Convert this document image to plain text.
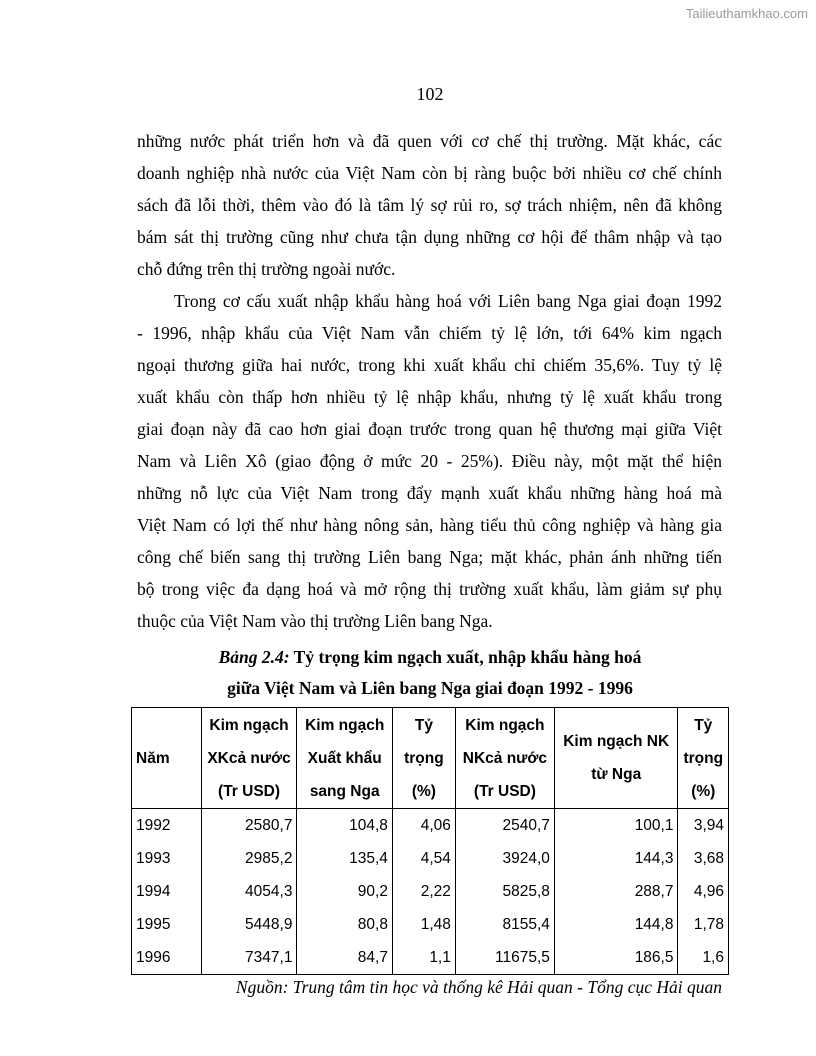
Tailieuthamkhao.com
102
những nước phát triển hơn và đã quen với cơ chế thị trường. Mặt khác, các
doanh nghiệp nhà nước của Việt Nam còn bị ràng buộc bởi nhiều cơ chế chính
sách đã lỗi thời, thêm vào đó là tâm lý sợ rủi ro, sợ trách nhiệm, nên đã không
bám sát thị trường cũng như chưa tận dụng những cơ hội để thâm nhập và tạo
chỗ đứng trên thị trường ngoài nước.
Trong cơ cấu xuất nhập khẩu hàng hoá với Liên bang Nga giai đoạn 1992
- 1996, nhập khẩu của Việt Nam vẫn chiếm tỷ lệ lớn, tới 64% kim ngạch
ngoại thương giữa hai nước, trong khi xuất khẩu chỉ chiếm 35,6%. Tuy tỷ lệ
xuất khẩu còn thấp hơn nhiều tỷ lệ nhập khẩu, nhưng tỷ lệ xuất khẩu trong
giai đoạn này đã cao hơn giai đoạn trước trong quan hệ thương mại giữa Việt
Nam và Liên Xô (giao động ở mức 20 - 25%). Điều này, một mặt thể hiện
những nỗ lực của Việt Nam trong đẩy mạnh xuất khẩu những hàng hoá mà
Việt Nam có lợi thế như hàng nông sản, hàng tiểu thủ công nghiệp và hàng gia
công chế biến sang thị trường Liên bang Nga; mặt khác, phản ánh những tiến
bộ trong việc đa dạng hoá và mở rộng thị trường xuất khẩu, làm giảm sự phụ
thuộc của Việt Nam vào thị trường Liên bang Nga.
Bảng 2.4: Tỷ trọng kim ngạch xuất, nhập khẩu hàng hoá
giữa Việt Nam và Liên bang Nga giai đoạn 1992 - 1996
Năm	Kim ngạch XKcả nước (Tr USD)	Kim ngạch Xuất khẩu sang Nga	Tỷ trọng (%)	Kim ngạch NKcả nước (Tr USD)	Kim ngạch NK từ Nga	Tỷ trọng (%)
1992	2580,7	104,8	4,06	2540,7	100,1	3,94
1993	2985,2	135,4	4,54	3924,0	144,3	3,68
1994	4054,3	90,2	2,22	5825,8	288,7	4,96
1995	5448,9	80,8	1,48	8155,4	144,8	1,78
1996	7347,1	84,7	1,1	11675,5	186,5	1,6
Nguồn: Trung tâm tin học và thống kê Hải quan - Tổng cục Hải quan
